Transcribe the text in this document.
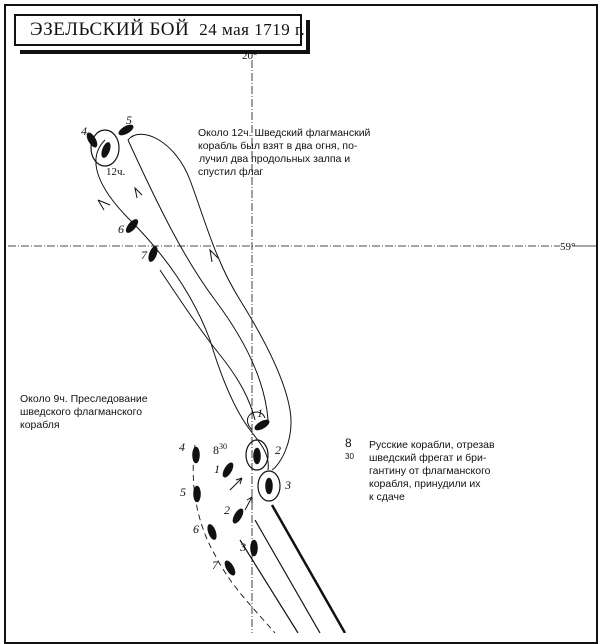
ЭЗЕЛЬСКИЙ БОЙ 24 мая 1719 г.
20°
59°
4
5
6
7
4
5
6
7
1
2
3
1
2
3
12ч.
$8^{30}$
Около 12ч. Шведский флагманский
корабль был взят в два огня, по-
лучил два продольных залпа и
спустил флаг
Около 9ч. Преследование
шведского флагманского
корабля
8
$^{30}$
Русские корабли, отрезав
шведский фрегат и бри-
гантину от флагманского
корабля, принудили их
к сдаче
